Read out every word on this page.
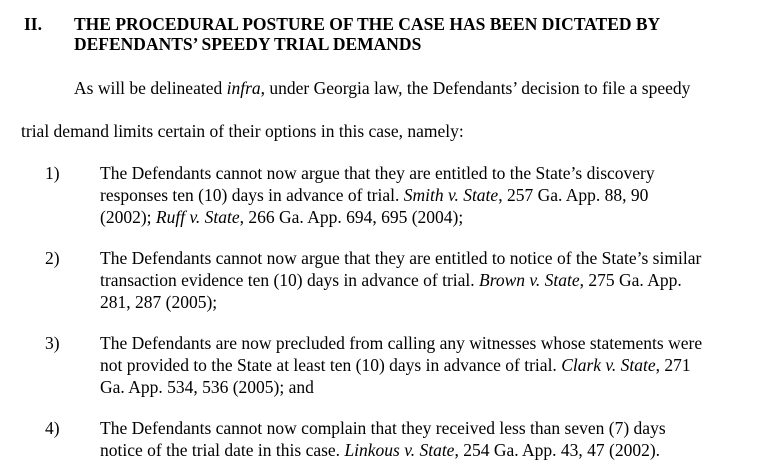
II. THE PROCEDURAL POSTURE OF THE CASE HAS BEEN DICTATED BY
DEFENDANTS’ SPEEDY TRIAL DEMANDS
As will be delineated infra, under Georgia law, the Defendants’ decision to file a speedy
trial demand limits certain of their options in this case, namely:
1) The Defendants cannot now argue that they are entitled to the State’s discovery
responses ten (10) days in advance of trial. Smith v. State, 257 Ga. App. 88, 90
(2002); Ruff v. State, 266 Ga. App. 694, 695 (2004);
2) The Defendants cannot now argue that they are entitled to notice of the State’s similar
transaction evidence ten (10) days in advance of trial. Brown v. State, 275 Ga. App.
281, 287 (2005);
3) The Defendants are now precluded from calling any witnesses whose statements were
not provided to the State at least ten (10) days in advance of trial. Clark v. State, 271
Ga. App. 534, 536 (2005); and
4) The Defendants cannot now complain that they received less than seven (7) days
notice of the trial date in this case. Linkous v. State, 254 Ga. App. 43, 47 (2002).
